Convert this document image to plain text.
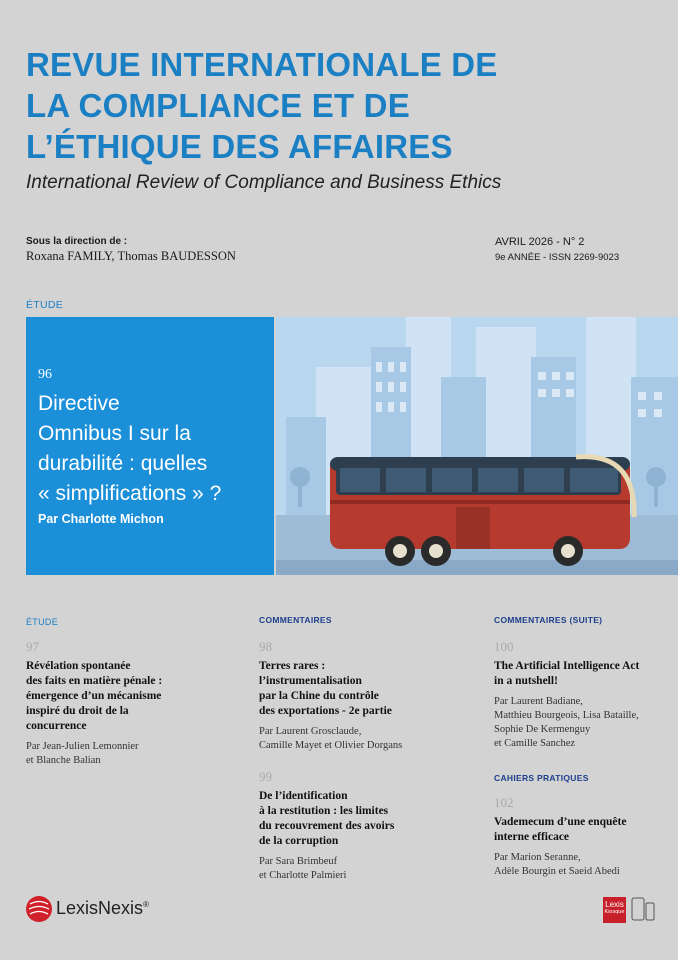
REVUE INTERNATIONALE DE
LA COMPLIANCE ET DE
L’ÉTHIQUE DES AFFAIRES
International Review of Compliance and Business Ethics
Sous la direction de :
Roxana FAMILY, Thomas BAUDESSON
AVRIL 2026 - N° 2
9e ANNÉE - ISSN 2269-9023
ÉTUDE
96
Directive
Omnibus I sur la
durabilité : quelles
« simplifications » ?
Par Charlotte Michon
ÉTUDE
97
Révélation spontanée
des faits en matière pénale :
émergence d’un mécanisme
inspiré du droit de la
concurrence
Par Jean-Julien Lemonnier
et Blanche Balian
COMMENTAIRES
98
Terres rares :
l’instrumentalisation
par la Chine du contrôle
des exportations - 2e partie
Par Laurent Grosclaude,
Camille Mayet et Olivier Dorgans
99
De l’identification
à la restitution : les limites
du recouvrement des avoirs
de la corruption
Par Sara Brimbeuf
et Charlotte Palmieri
COMMENTAIRES (SUITE)
100
The Artificial Intelligence Act
in a nutshell!
Par Laurent Badiane,
Matthieu Bourgeois, Lisa Bataille,
Sophie De Kermenguy
et Camille Sanchez
CAHIERS PRATIQUES
102
Vademecum d’une enquête
interne efficace
Par Marion Seranne,
Adèle Bourgin et Saeid Abedi
LexisNexis®	Lexis
Kiosque
